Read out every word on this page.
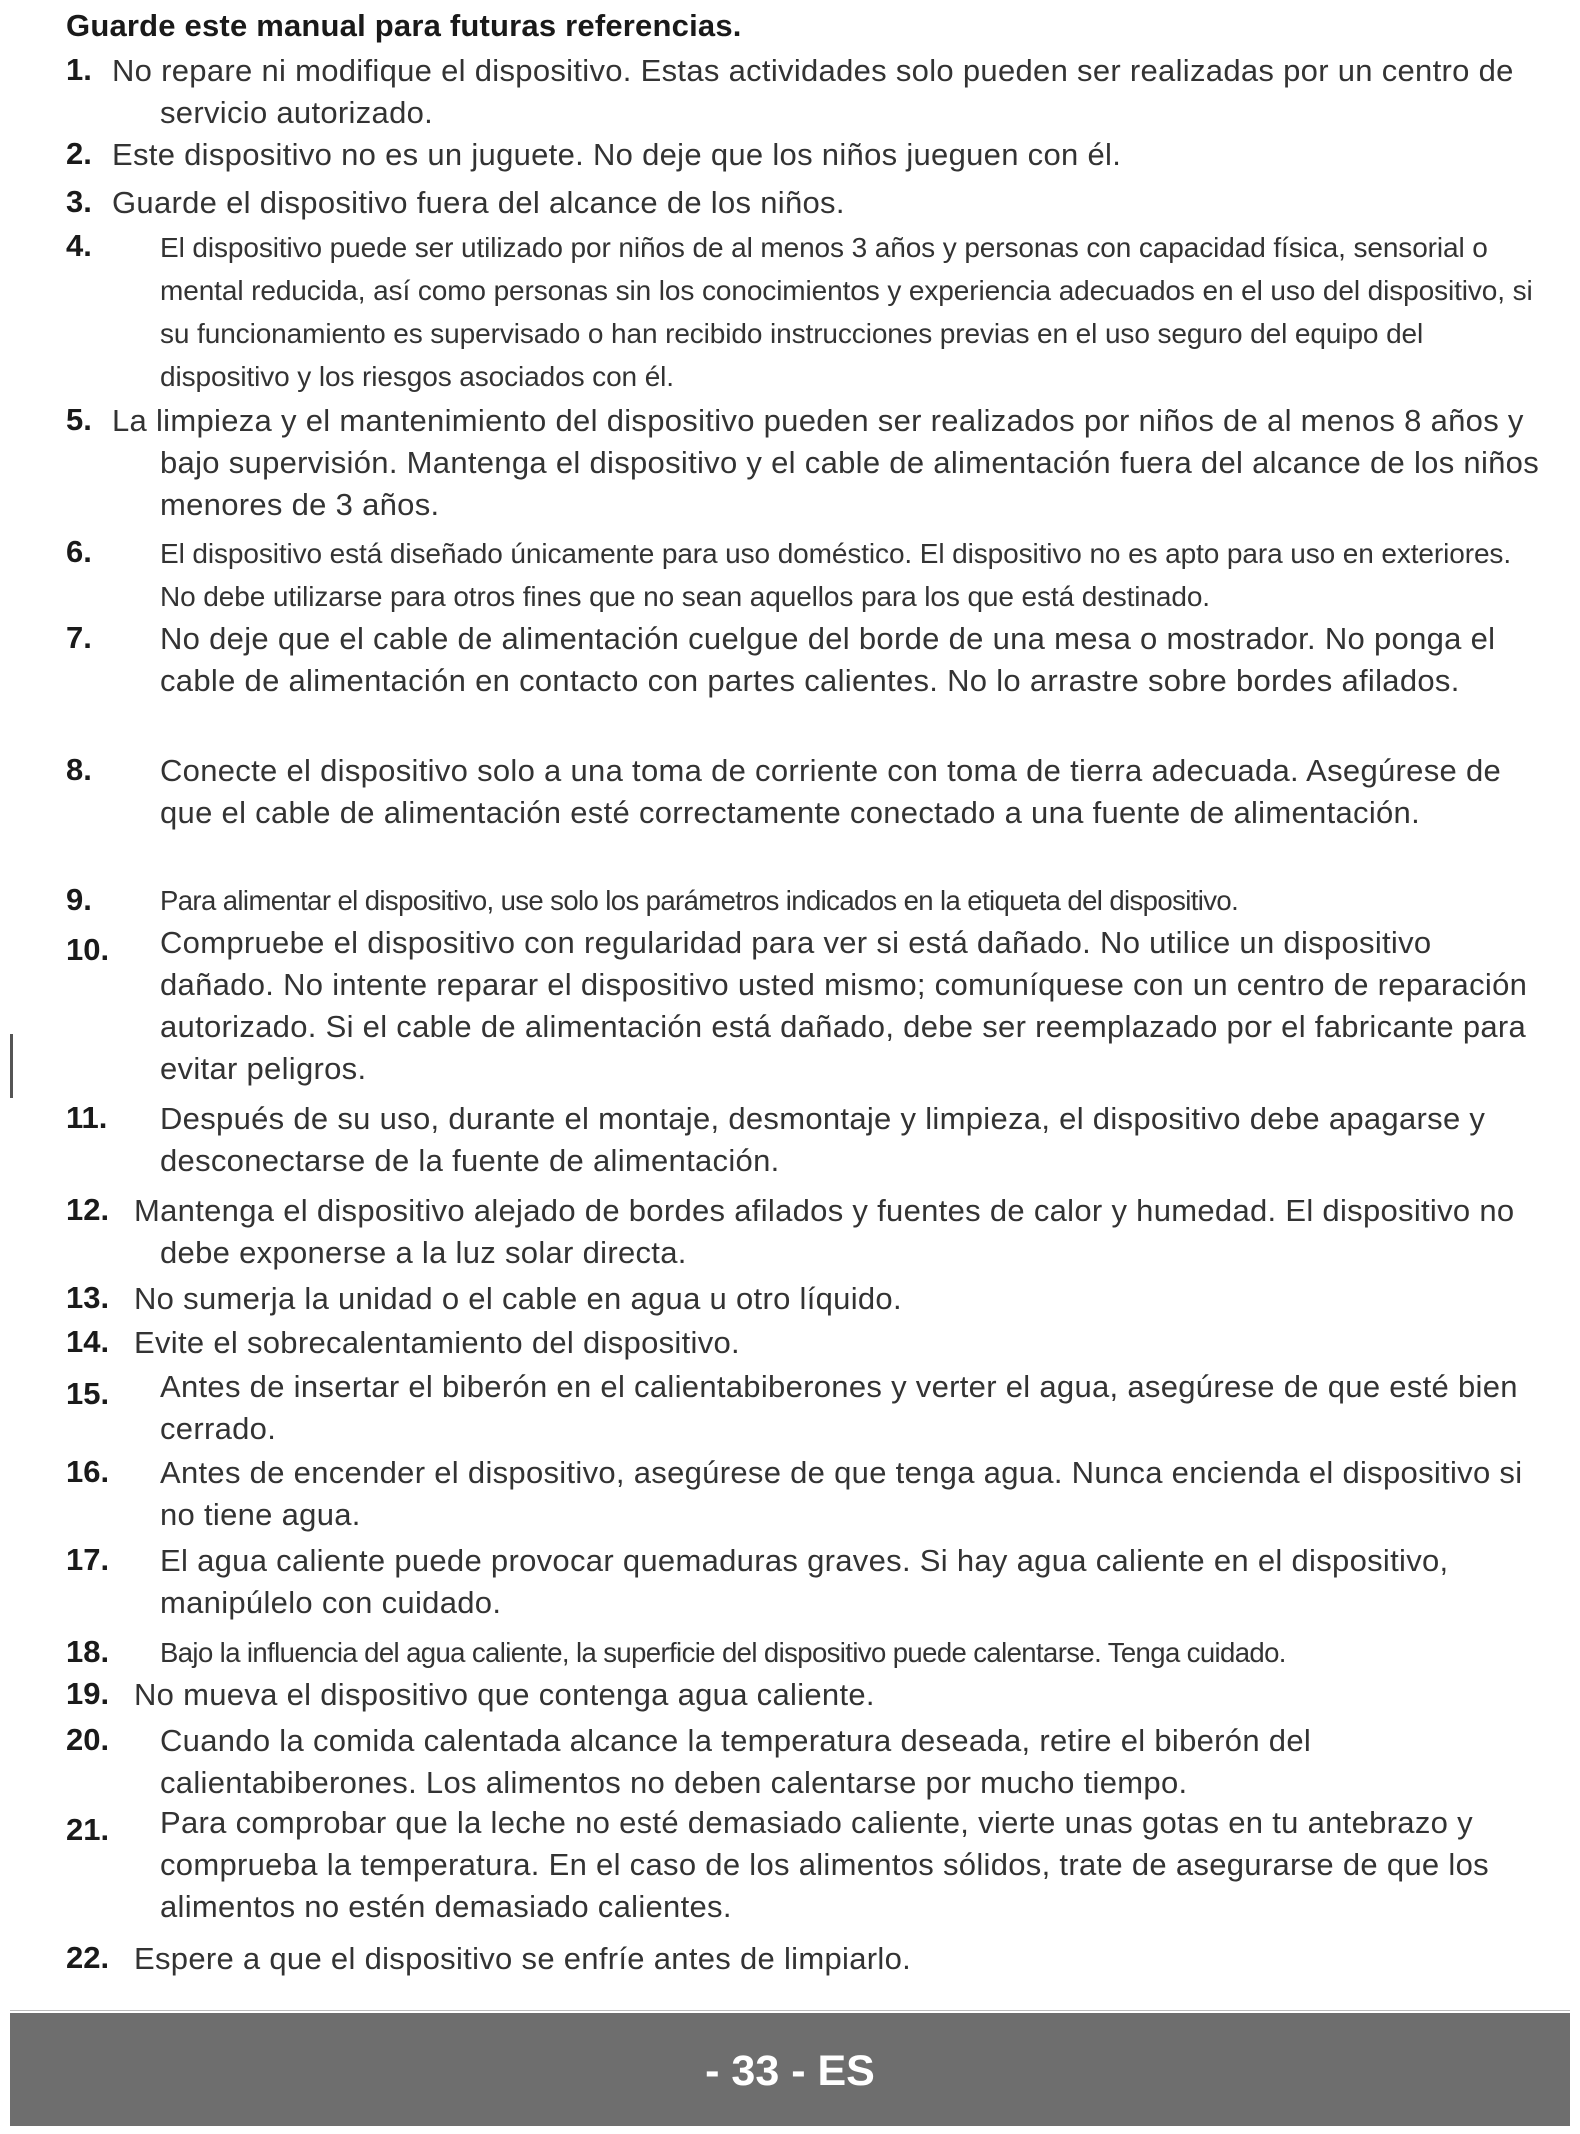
Guarde este manual para futuras referencias.
1. No repare ni modifique el dispositivo. Estas actividades solo pueden ser realizadas por un centro de servicio autorizado.
2. Este dispositivo no es un juguete. No deje que los niños jueguen con él.
3. Guarde el dispositivo fuera del alcance de los niños.
4. El dispositivo puede ser utilizado por niños de al menos 3 años y personas con capacidad física, sensorial o mental reducida, así como personas sin los conocimientos y experiencia adecuados en el uso del dispositivo, si su funcionamiento es supervisado o han recibido instrucciones previas en el uso seguro del equipo del dispositivo y los riesgos asociados con él.
5. La limpieza y el mantenimiento del dispositivo pueden ser realizados por niños de al menos 8 años y bajo supervisión. Mantenga el dispositivo y el cable de alimentación fuera del alcance de los niños menores de 3 años.
6. El dispositivo está diseñado únicamente para uso doméstico. El dispositivo no es apto para uso en exteriores. No debe utilizarse para otros fines que no sean aquellos para los que está destinado.
7. No deje que el cable de alimentación cuelgue del borde de una mesa o mostrador. No ponga el cable de alimentación en contacto con partes calientes. No lo arrastre sobre bordes afilados.
8. Conecte el dispositivo solo a una toma de corriente con toma de tierra adecuada. Asegúrese de que el cable de alimentación esté correctamente conectado a una fuente de alimentación.
9. Para alimentar el dispositivo, use solo los parámetros indicados en la etiqueta del dispositivo.
10. Compruebe el dispositivo con regularidad para ver si está dañado. No utilice un dispositivo dañado. No intente reparar el dispositivo usted mismo; comuníquese con un centro de reparación autorizado. Si el cable de alimentación está dañado, debe ser reemplazado por el fabricante para evitar peligros.
11. Después de su uso, durante el montaje, desmontaje y limpieza, el dispositivo debe apagarse y desconectarse de la fuente de alimentación.
12. Mantenga el dispositivo alejado de bordes afilados y fuentes de calor y humedad. El dispositivo no debe exponerse a la luz solar directa.
13. No sumerja la unidad o el cable en agua u otro líquido.
14. Evite el sobrecalentamiento del dispositivo.
15. Antes de insertar el biberón en el calientabiberones y verter el agua, asegúrese de que esté bien cerrado.
16. Antes de encender el dispositivo, asegúrese de que tenga agua. Nunca encienda el dispositivo si no tiene agua.
17. El agua caliente puede provocar quemaduras graves. Si hay agua caliente en el dispositivo, manipúlelo con cuidado.
18. Bajo la influencia del agua caliente, la superficie del dispositivo puede calentarse. Tenga cuidado.
19. No mueva el dispositivo que contenga agua caliente.
20. Cuando la comida calentada alcance la temperatura deseada, retire el biberón del calientabiberones. Los alimentos no deben calentarse por mucho tiempo.
21. Para comprobar que la leche no esté demasiado caliente, vierte unas gotas en tu antebrazo y comprueba la temperatura. En el caso de los alimentos sólidos, trate de asegurarse de que los alimentos no estén demasiado calientes.
22. Espere a que el dispositivo se enfríe antes de limpiarlo.
- 33 - ES
